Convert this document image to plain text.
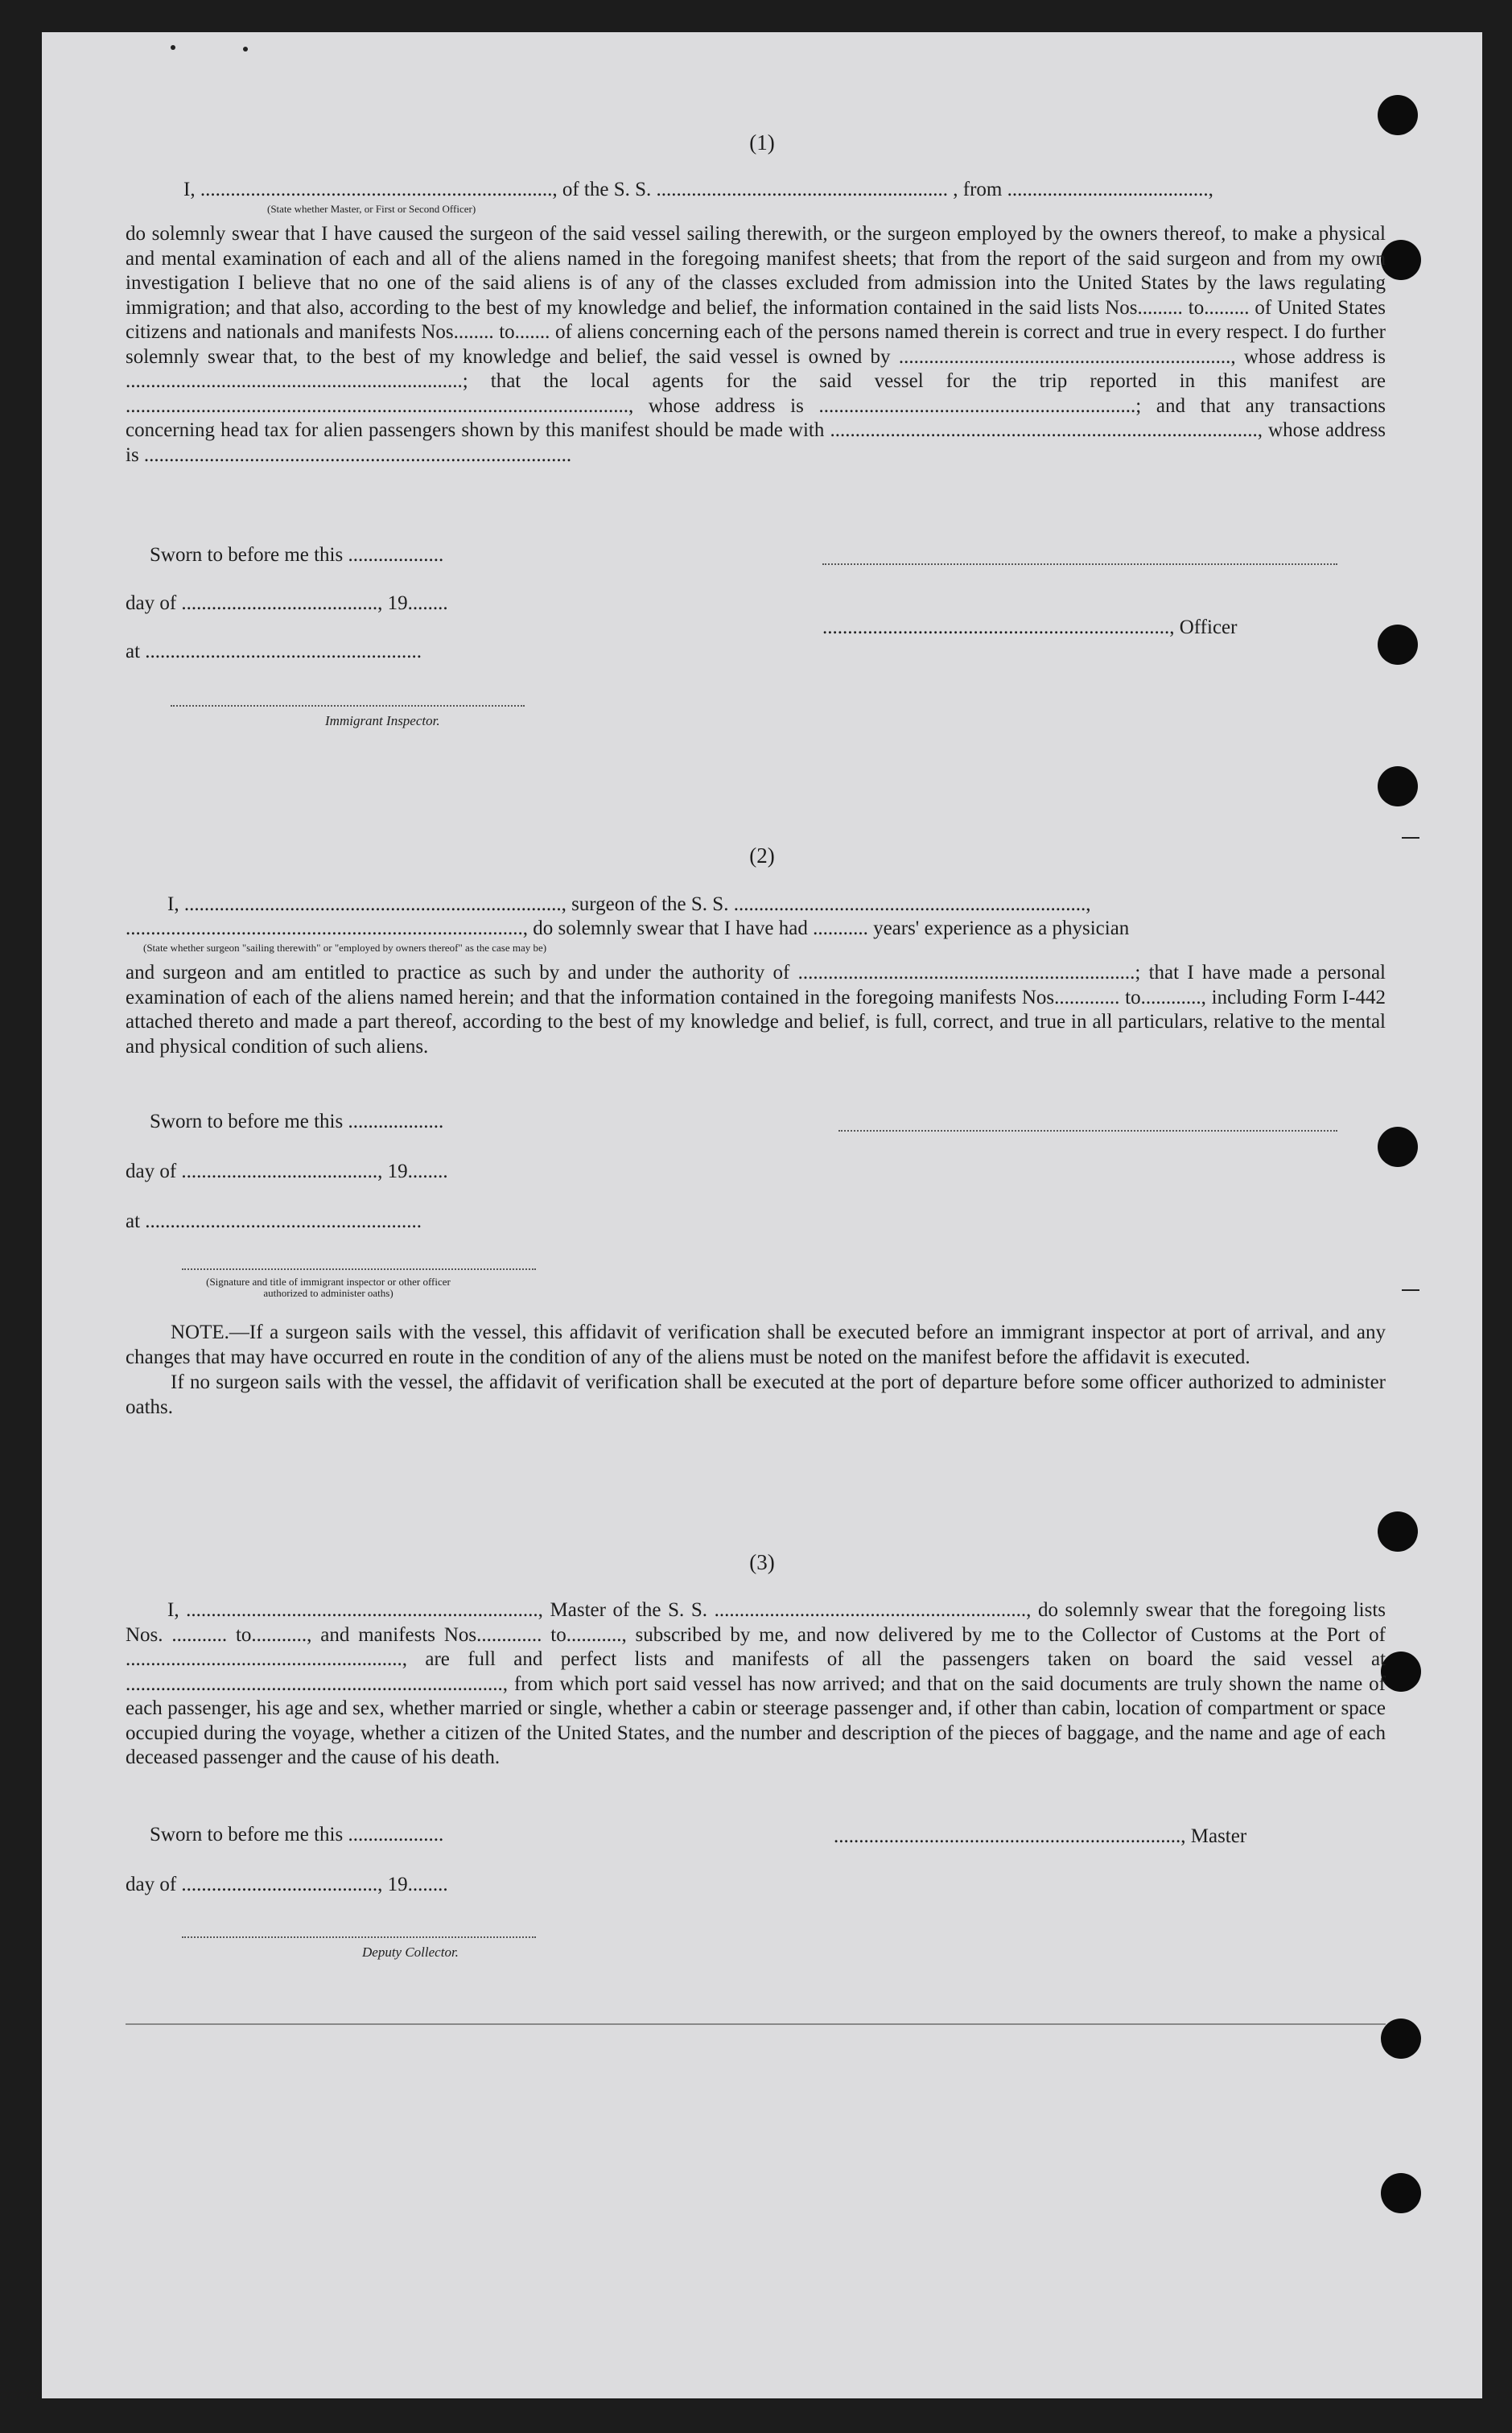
(1)
I, ......................................................................, of the S. S. .......................................................... , from ........................................,
(State whether Master, or First or Second Officer)
do solemnly swear that I have caused the surgeon of the said vessel sailing therewith, or the surgeon employed by the owners thereof, to make a physical and mental examination of each and all of the aliens named in the foregoing manifest sheets; that from the report of the said surgeon and from my own investigation I believe that no one of the said aliens is of any of the classes excluded from admission into the United States by the laws regulating immigration; and that also, according to the best of my knowledge and belief, the information contained in the said lists Nos......... to......... of United States citizens and nationals and manifests Nos........ to....... of aliens concerning each of the persons named therein is correct and true in every respect. I do further solemnly swear that, to the best of my knowledge and belief, the said vessel is owned by .................................................................., whose address is ...................................................................; that the local agents for the said vessel for the trip reported in this manifest are ...................................................................................................., whose address is ...............................................................; and that any transactions concerning head tax for alien passengers shown by this manifest should be made with ....................................................................................., whose address is .....................................................................................
Sworn to before me this ...................
day of ......................................., 19........
....................................................................., Officer
at .......................................................
Immigrant Inspector.
(2)
I, ..........................................................................., surgeon of the S. S. ......................................................................,
..............................................................................., do solemnly swear that I have had ........... years' experience as a physician
(State whether surgeon "sailing therewith" or "employed by owners thereof" as the case may be)
and surgeon and am entitled to practice as such by and under the authority of ...................................................................; that I have made a personal examination of each of the aliens named herein; and that the information contained in the foregoing manifests Nos............. to............, including Form I-442 attached thereto and made a part thereof, according to the best of my knowledge and belief, is full, correct, and true in all particulars, relative to the mental and physical condition of such aliens.
Sworn to before me this ...................
day of ......................................., 19........
at .......................................................
(Signature and title of immigrant inspector or other officer authorized to administer oaths)

NOTE.—If a surgeon sails with the vessel, this affidavit of verification shall be executed before an immigrant inspector at port of arrival, and any changes that may have occurred en route in the condition of any of the aliens must be noted on the manifest before the affidavit is executed.

If no surgeon sails with the vessel, the affidavit of verification shall be executed at the port of departure before some officer authorized to administer oaths.

(3)
I, ......................................................................, Master of the S. S. .............................................................., do solemnly swear that the foregoing lists Nos. ........... to..........., and manifests Nos............. to..........., subscribed by me, and now delivered by me to the Collector of Customs at the Port of ......................................................., are full and perfect lists and manifests of all the passengers taken on board the said vessel at ..........................................................................., from which port said vessel has now arrived; and that on the said documents are truly shown the name of each passenger, his age and sex, whether married or single, whether a cabin or steerage passenger and, if other than cabin, location of compartment or space occupied during the voyage, whether a citizen of the United States, and the number and description of the pieces of baggage, and the name and age of each deceased passenger and the cause of his death.
Sworn to before me this ...................	....................................................................., Master
day of ......................................., 19........
Deputy Collector.
